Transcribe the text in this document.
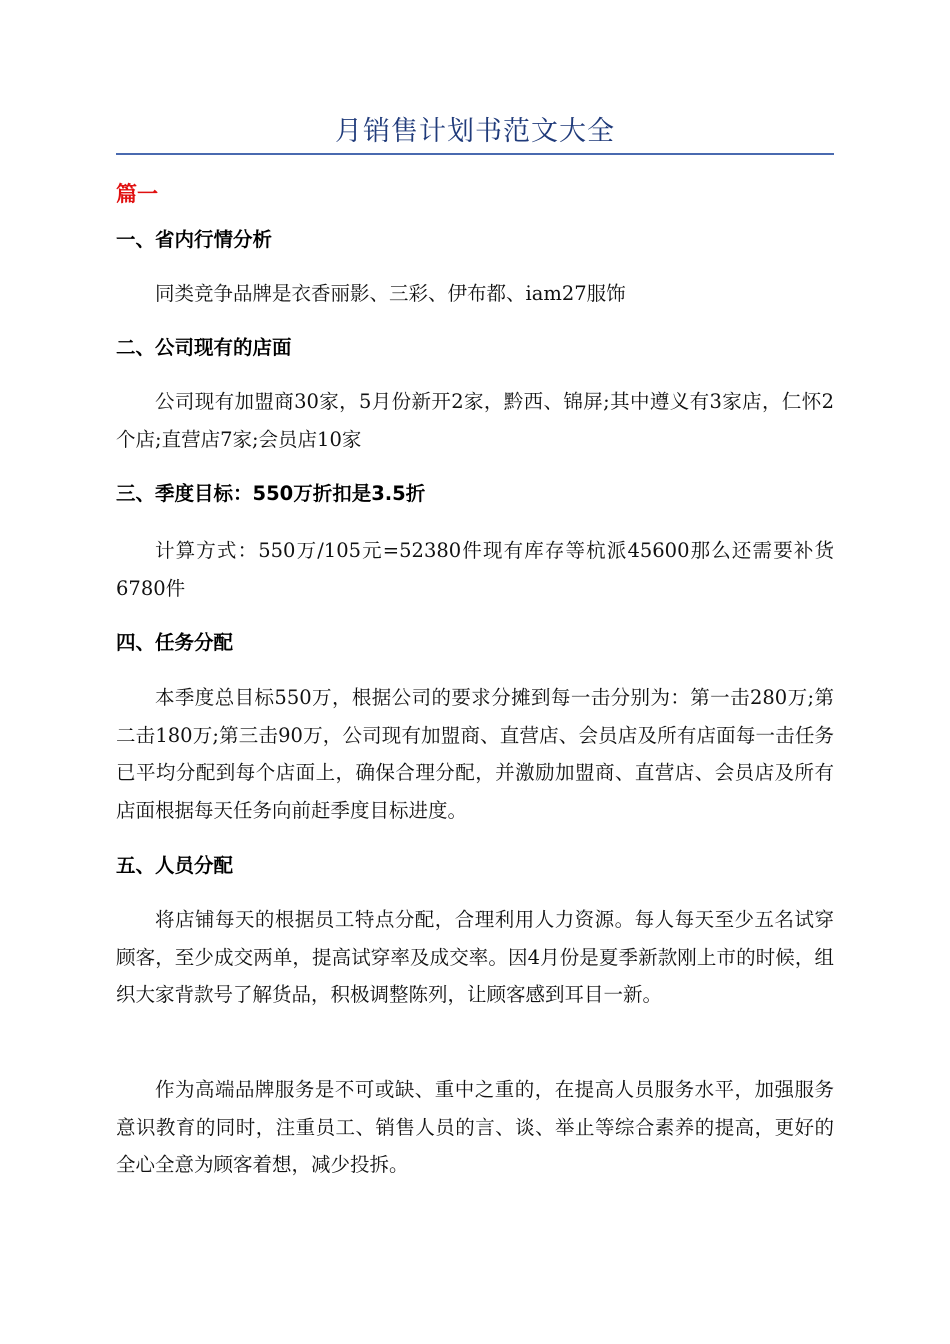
月销售计划书范文大全
篇一
一、省内行情分析

同类竞争品牌是衣香丽影、三彩、伊布都、iam27服饰

二、公司现有的店面

公司现有加盟商30家，5月份新开2家，黔西、锦屏;其中遵义有3家店，仁怀2个店;直营店7家;会员店10家

三、季度目标：550万折扣是3.5折

计算方式：550万/105元=52380件现有库存等杭派45600那么还需要补货6780件

四、任务分配

本季度总目标550万，根据公司的要求分摊到每一击分别为：第一击280万;第二击180万;第三击90万，公司现有加盟商、直营店、会员店及所有店面每一击任务已平均分配到每个店面上，确保合理分配，并激励加盟商、直营店、会员店及所有店面根据每天任务向前赶季度目标进度。

五、人员分配

将店铺每天的根据员工特点分配，合理利用人力资源。每人每天至少五名试穿顾客，至少成交两单，提高试穿率及成交率。因4月份是夏季新款刚上市的时候，组织大家背款号了解货品，积极调整陈列，让顾客感到耳目一新。

作为高端品牌服务是不可或缺、重中之重的，在提高人员服务水平，加强服务意识教育的同时，注重员工、销售人员的言、谈、举止等综合素养的提高，更好的全心全意为顾客着想，减少投拆。
